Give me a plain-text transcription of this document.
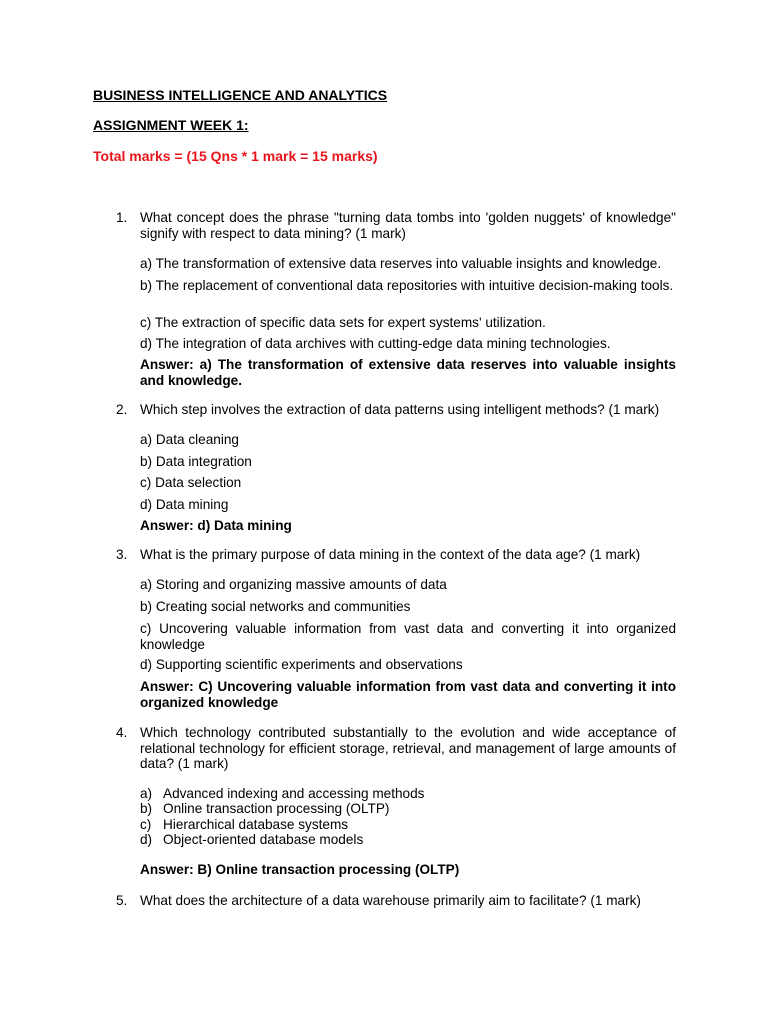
BUSINESS INTELLIGENCE AND ANALYTICS
ASSIGNMENT WEEK 1:
Total marks = (15 Qns * 1 mark = 15 marks)
1. What concept does the phrase "turning data tombs into 'golden nuggets' of knowledge" signify with respect to data mining? (1 mark)
a) The transformation of extensive data reserves into valuable insights and knowledge.
b) The replacement of conventional data repositories with intuitive decision-making tools.
c) The extraction of specific data sets for expert systems' utilization.
d) The integration of data archives with cutting-edge data mining technologies.
Answer: a) The transformation of extensive data reserves into valuable insights and knowledge.
2. Which step involves the extraction of data patterns using intelligent methods? (1 mark)
a) Data cleaning
b) Data integration
c) Data selection
d) Data mining
Answer: d) Data mining
3. What is the primary purpose of data mining in the context of the data age? (1 mark)
a) Storing and organizing massive amounts of data
b) Creating social networks and communities
c) Uncovering valuable information from vast data and converting it into organized knowledge
d) Supporting scientific experiments and observations
Answer: C) Uncovering valuable information from vast data and converting it into organized knowledge
4. Which technology contributed substantially to the evolution and wide acceptance of relational technology for efficient storage, retrieval, and management of large amounts of data? (1 mark)
a) Advanced indexing and accessing methods
b) Online transaction processing (OLTP)
c) Hierarchical database systems
d) Object-oriented database models
Answer: B) Online transaction processing (OLTP)
5. What does the architecture of a data warehouse primarily aim to facilitate? (1 mark)
